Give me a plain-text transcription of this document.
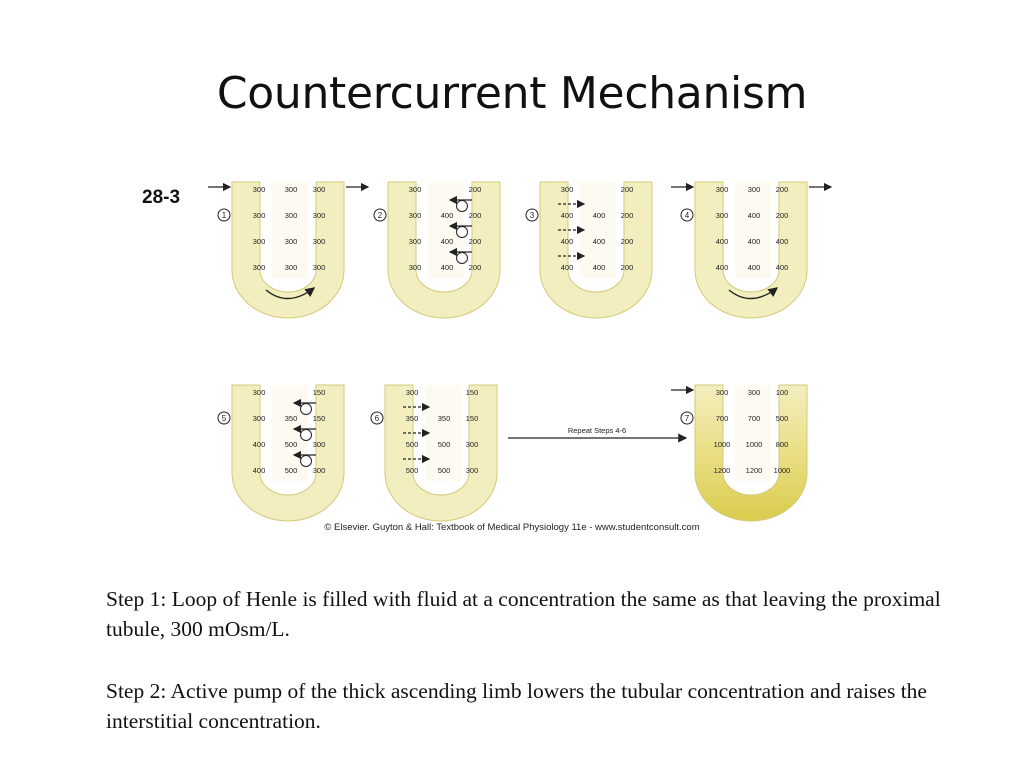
Countercurrent Mechanism
1
300	300 300
300	300 300
300	300 300
300	300 300
2
300	200
300	400 200
300	400 200
300	400 200
3
300	200
400	400 200
400	400 200
400	400 200
4
300	300 200
300	400 200
400	400 400
400	400 400
5
300	150
300	350 150
400	500 300
400	500 300
6
300	150
350	350 150
500	500 300
500	500 300
7
300	300 100
700	700 500
1000 1000 800
1200 1200 1000
Repeat Steps 4-6
28-3
© Elsevier. Guyton & Hall: Textbook of Medical Physiology 11e - www.studentconsult.com
Step 1: Loop of Henle is filled with fluid at a concentration the same as that leaving the proximal tubule, 300 mOsm/L.
Step 2: Active pump of the thick ascending limb lowers the tubular concentration and raises the interstitial concentration.
